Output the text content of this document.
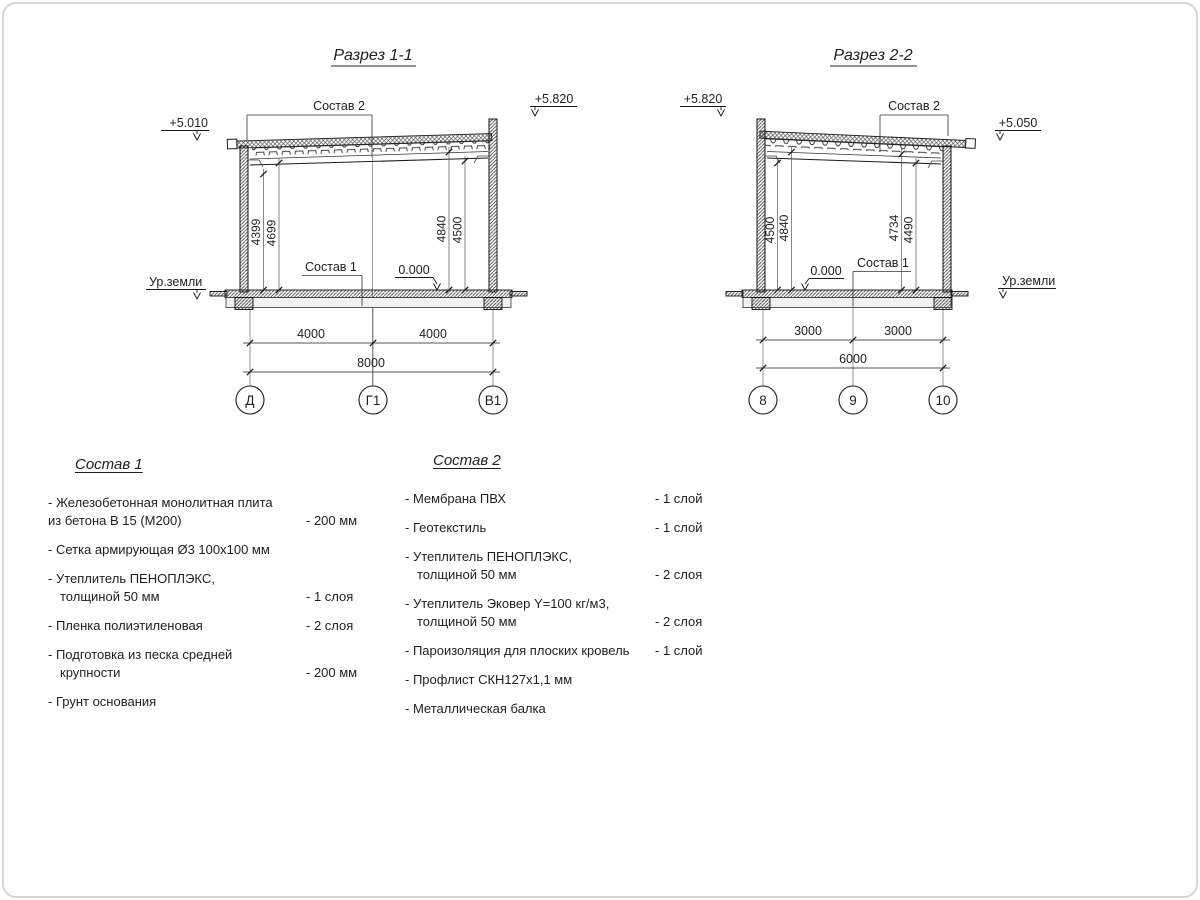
Разрез 1-1
4399 4699	4840 4500
Состав 2
Состав 1	0.000
+5.010
+5.820
Ур.земли
4000	4000
8000
Д	Г1	В1
Разрез 2-2
4500 4840	4734 4490
Состав 2
Состав 1
0.000
+5.820
+5.050
Ур.земли
3000	3000
6000
8	9	10
Состав 1
- Железобетонная монолитная плита
из бетона В 15 (М200)	- 200 мм
- Сетка армирующая Ø3 100х100 мм
- Утеплитель ПЕНОПЛЭКС,
толщиной 50 мм	- 1 слоя
- Пленка полиэтиленовая	- 2 слоя
- Подготовка из песка средней
крупности	- 200 мм
- Грунт основания
Состав 2
- Мембрана ПВХ	- 1 слой
- Геотекстиль	- 1 слой
- Утеплитель ПЕНОПЛЭКС,
толщиной 50 мм	- 2 слоя
- Утеплитель Эковер Y=100 кг/м3,
толщиной 50 мм	- 2 слоя
- Пароизоляция для плоских кровель	- 1 слой
- Профлист СКН127х1,1 мм
- Металлическая балка
